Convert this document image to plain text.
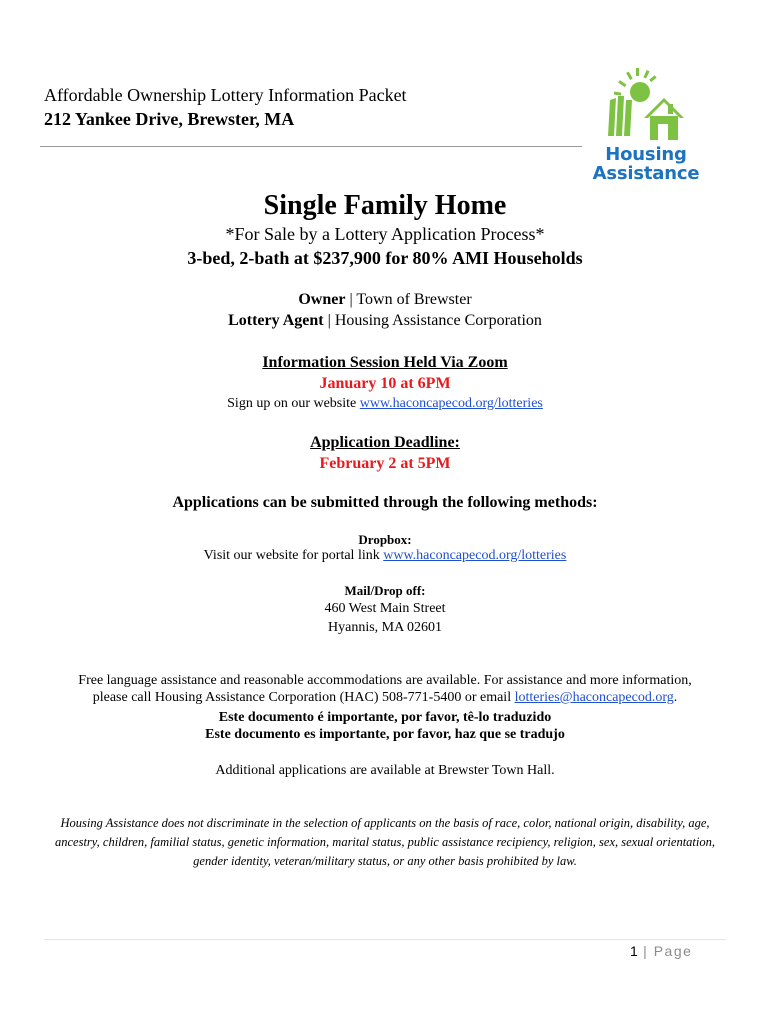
Affordable Ownership Lottery Information Packet
212 Yankee Drive, Brewster, MA
Housing
Assistance
Single Family Home
*For Sale by a Lottery Application Process*
3-bed, 2-bath at $237,900 for 80% AMI Households
Owner | Town of Brewster
Lottery Agent | Housing Assistance Corporation
Information Session Held Via Zoom
January 10 at 6PM
Sign up on our website www.haconcapecod.org/lotteries
Application Deadline:
February 2 at 5PM
Applications can be submitted through the following methods:
Dropbox:
Visit our website for portal link www.haconcapecod.org/lotteries
Mail/Drop off:
460 West Main Street
Hyannis, MA 02601
Free language assistance and reasonable accommodations are available. For assistance and more information,
please call Housing Assistance Corporation (HAC) 508-771-5400 or email lotteries@haconcapecod.org.
Este documento é importante, por favor, tê-lo traduzido
Este documento es importante, por favor, haz que se tradujo
Additional applications are available at Brewster Town Hall.
Housing Assistance does not discriminate in the selection of applicants on the basis of race, color, national origin, disability, age, ancestry, children, familial status, genetic information, marital status, public assistance recipiency, religion, sex, sexual orientation, gender identity, veteran/military status, or any other basis prohibited by law.
1 | Page
